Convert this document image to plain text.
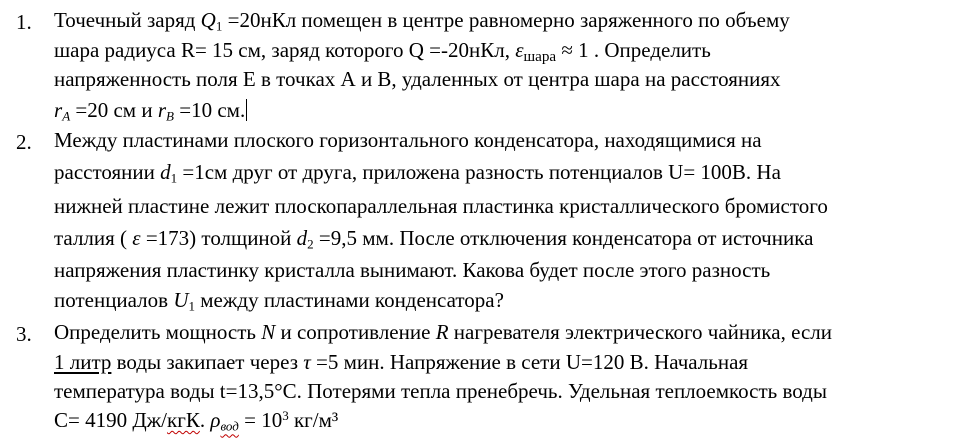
1. Точечный заряд $Q_1 =20нКл$ помещен в центре равномерно заряженного по объему
шара радиуса R= 15 см, заряд которого Q =-20нКл, $\varepsilon_{шара} \approx 1$ . Определить
напряженность поля Е в точках А и В, удаленных от центра шара на расстояниях
$r_A =20$ см и $r_B =10$ см.
2. Между пластинами плоского горизонтального конденсатора, находящимися на
расстоянии $d_1 =1см$ друг от друга, приложена разность потенциалов U= 100В. На
нижней пластине лежит плоскопараллельная пластинка кристаллического бромистого
таллия ( ε =173) толщиной $d_2 =9,5$ мм. После отключения конденсатора от источника
напряжения пластинку кристалла вынимают. Какова будет после этого разность
потенциалов $U_1$ между пластинами конденсатора?
3. Определить мощность N и сопротивление R нагревателя электрического чайника, если
1 литр воды закипает через τ =5 мин. Напряжение в сети U=120 В. Начальная
температура воды t=13,5°С. Потерями тепла пренебречь. Удельная теплоемкость воды
С= 4190 Дж/кгК. $\rho_{вод} = 10^3$ кг/м³
